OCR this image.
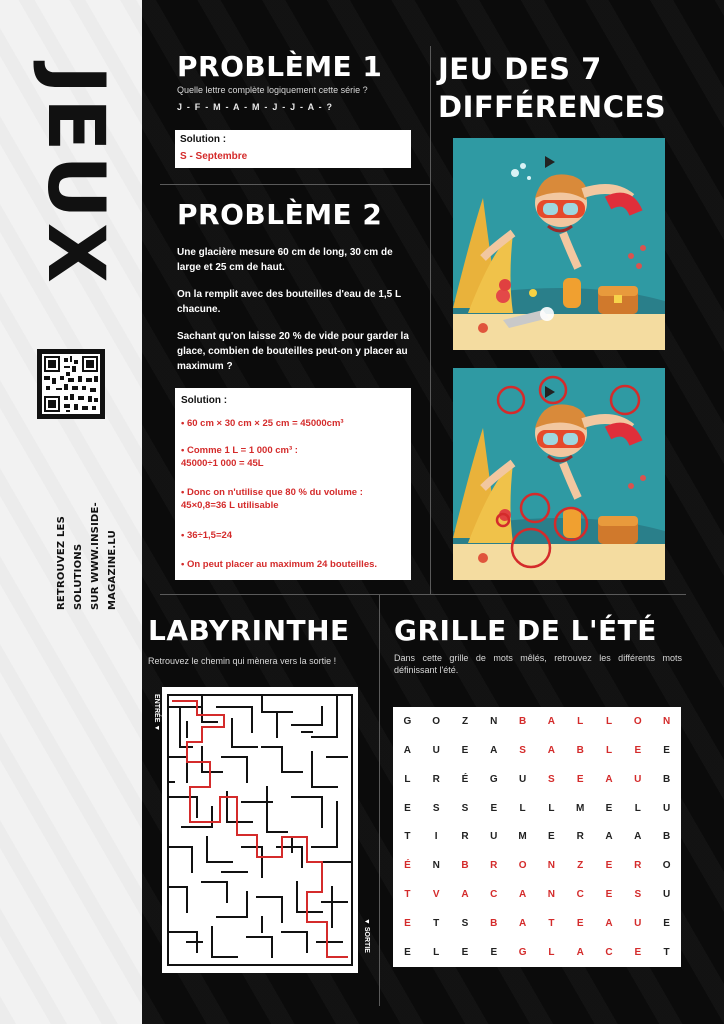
JEUX
RETROUVEZ LES SOLUTIONS SUR WWW.INSIDE-MAGAZINE.LU
PROBLÈME 1
Quelle lettre complète logiquement cette série ?
J - F - M - A - M - J - J - A - ?
Solution :
S - Septembre
PROBLÈME 2

Une glacière mesure 60 cm de long, 30 cm de large et 25 cm de haut.

On la remplit avec des bouteilles d'eau de 1,5 L chacune.

Sachant qu'on laisse 20 % de vide pour garder la glace, combien de bouteilles peut-on y placer au maximum ?

Solution :
• 60 cm × 30 cm × 25 cm = 45000cm³
• Comme 1 L = 1 000 cm³ :
45000÷1 000 = 45L
• Donc on n'utilise que 80 % du volume :
45×0,8=36 L utilisable
• 36÷1,5=24
• On peut placer au maximum 24 bouteilles.
JEU DES 7
DIFFÉRENCES
LABYRINTHE
Retrouvez le chemin qui mènera vers la sortie !
ENTRÉE ▼
▼ SORTIE
GRILLE DE L'ÉTÉ
Dans cette grille de mots mêlés, retrouvez les différents mots définissant l'été.
G	O	Z	N	B	A	L	L	O	N
A	U	E	A	S	A	B	L	E	E
L	R	É	G	U	S	E	A	U	B
E	S	S	E	L	L	M	E	L	U
T	I	R	U	M	E	R	A	A	B
É	N	B	R	O	N	Z	E	R	O
T	V	A	C	A	N	C	E	S	U
E	T	S	B	A	T	E	A	U	E
E	L	E	E	G	L	A	C	E	T
